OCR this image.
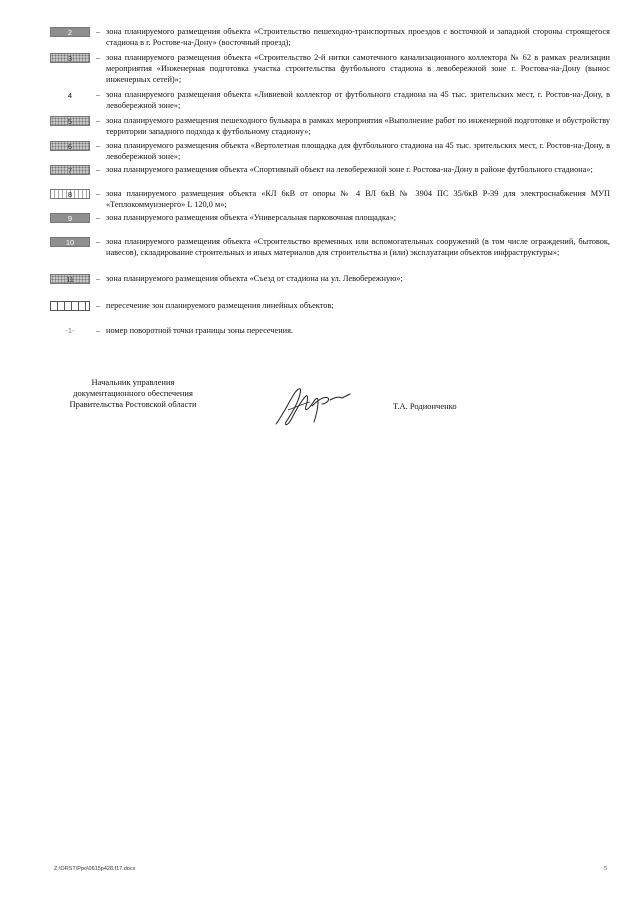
2	– зона планируемого размещения объекта «Строительство пешеходно-транспортных проездов с восточной и западной стороны строящегося стадиона в г. Ростове-на-Дону» (восточный проезд);
3	– зона планируемого размещения объекта «Строительство 2-й нитки самотечного канализационного коллектора № 62 в рамках реализации мероприятия «Инженерная подготовка участка строительства футбольного стадиона в левобережной зоне г. Ростова-на-Дону (вынос инженерных сетей)»;
4	– зона планируемого размещения объекта «Ливневой коллектор от футбольного стадиона на 45 тыс. зрительских мест, г. Ростов-на-Дону, в левобережной зоне»;
5	– зона планируемого размещения пешеходного бульвара в рамках мероприятия «Выполнение работ по инженерной подготовке и обустройству территории западного подхода к футбольному стадиону»;
6	– зона планируемого размещения объекта «Вертолетная площадка для футбольного стадиона на 45 тыс. зрительских мест, г. Ростов-на-Дону, в левобережной зоне»;
7	– зона планируемого размещения объекта «Спортивный объект на левобережной зоне г. Ростова-на-Дону в районе футбольного стадиона»;
8	– зона планируемого размещения объекта «КЛ 6кВ от опоры № 4 ВЛ 6кВ № 3904 ПС 35/6кВ Р-39 для электроснабжения МУП «Теплокоммунэнерго» L 120,0 м»;
9	– зона планируемого размещения объекта «Универсальная парковочная площадка»;
10	– зона планируемого размещения объекта «Строительство временных или вспомогательных сооружений (в том числе ограждений, бытовок, навесов), складирование строительных и иных материалов для строительства и (или) эксплуатации объектов инфраструктуры»;
11	– зона планируемого размещения объекта «Съезд от стадиона на ул. Левобережную»;
– пересечение зон планируемого размещения линейных объектов;
-1-	– номер поворотной точки границы зоны пересечения.
Начальник управления
документационного обеспечения
Правительства Ростовской области	Т.А. Родионченко
Z:\ORST\Ppo\0615p428.f17.docx	5
